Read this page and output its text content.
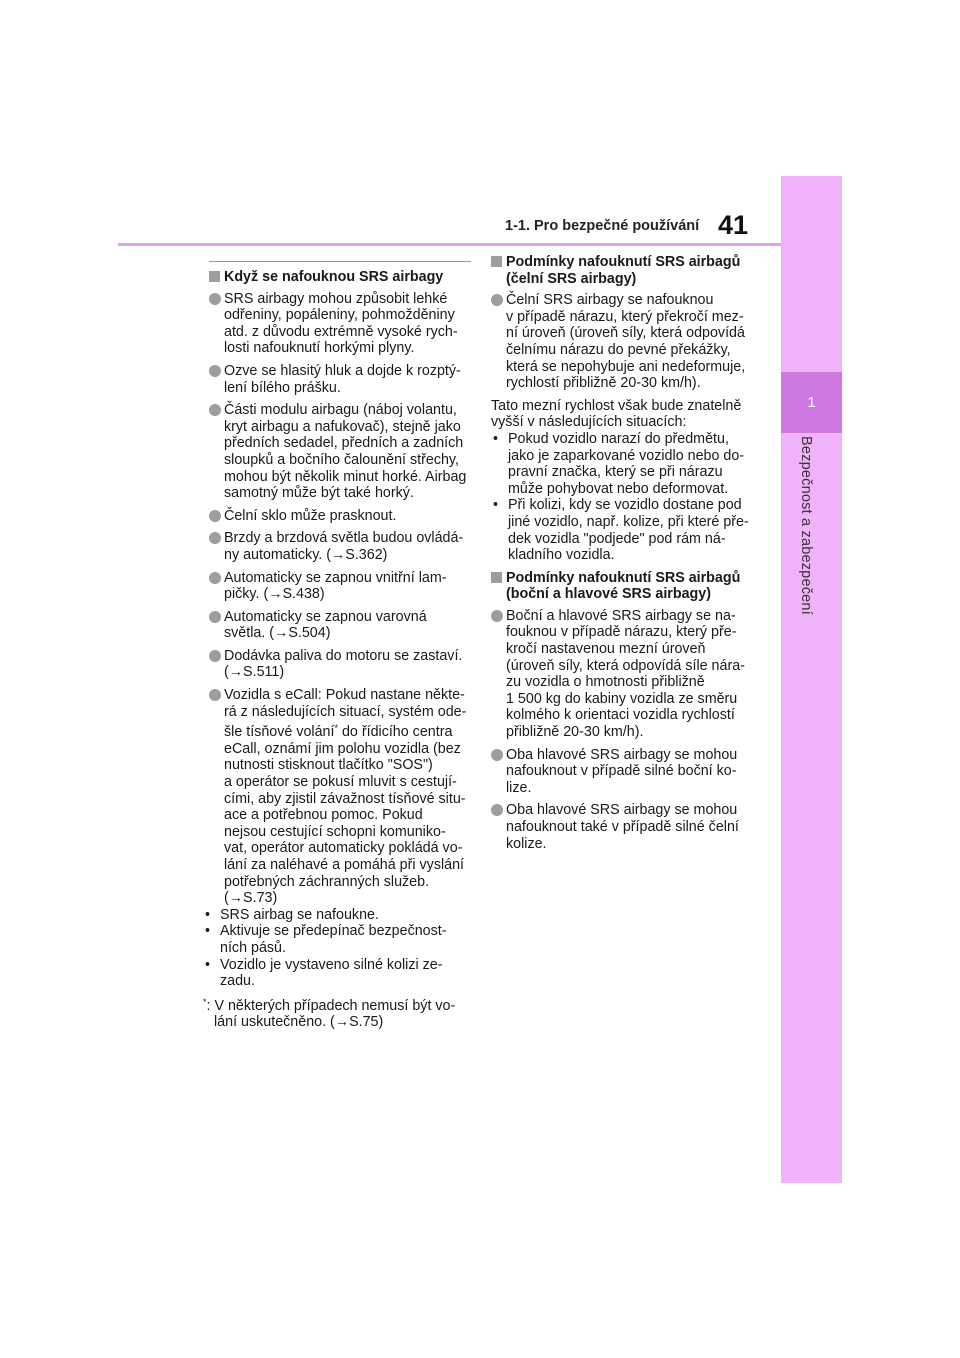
1-1. Pro bezpečné používání 41
1
Bezpečnost a zabezpečení
Když se nafouknou SRS airbagy
SRS airbagy mohou způsobit lehké
odřeniny, popáleniny, pohmožděniny
atd. z důvodu extrémně vysoké rych-
losti nafouknutí horkými plyny.
Ozve se hlasitý hluk a dojde k rozptý-
lení bílého prášku.
Části modulu airbagu (náboj volantu,
kryt airbagu a nafukovač), stejně jako
předních sedadel, předních a zadních
sloupků a bočního čalounění střechy,
mohou být několik minut horké. Airbag
samotný může být také horký.
Čelní sklo může prasknout.
Brzdy a brzdová světla budou ovládá-
ny automaticky. (→S.362)
Automaticky se zapnou vnitřní lam-
pičky. (→S.438)
Automaticky se zapnou varovná
světla. (→S.504)
Dodávka paliva do motoru se zastaví.
(→S.511)
Vozidla s eCall: Pokud nastane někte-
rá z následujících situací, systém ode-
šle tísňové volání* do řídicího centra
eCall, oznámí jim polohu vozidla (bez
nutnosti stisknout tlačítko "SOS")
a operátor se pokusí mluvit s cestují-
cími, aby zjistil závažnost tísňové situ-
ace a potřebnou pomoc. Pokud
nejsou cestující schopni komuniko-
vat, operátor automaticky pokládá vo-
lání za naléhavé a pomáhá při vyslání
potřebných záchranných služeb.
(→S.73)
• SRS airbag se nafoukne.
• Aktivuje se předepínač bezpečnost-
ních pásů.
• Vozidlo je vystaveno silné kolizi ze-
zadu.
*: V některých případech nemusí být vo-
lání uskutečněno. (→S.75)
Podmínky nafouknutí SRS airbagů (čelní SRS airbagy)
Čelní SRS airbagy se nafouknou
v případě nárazu, který překročí mez-
ní úroveň (úroveň síly, která odpovídá
čelnímu nárazu do pevné překážky,
která se nepohybuje ani nedeformuje,
rychlostí přibližně 20-30 km/h).
Tato mezní rychlost však bude znatelně
vyšší v následujících situacích:
• Pokud vozidlo narazí do předmětu,
jako je zaparkované vozidlo nebo do-
pravní značka, který se při nárazu
může pohybovat nebo deformovat.
• Při kolizi, kdy se vozidlo dostane pod
jiné vozidlo, např. kolize, při které pře-
dek vozidla "podjede" pod rám ná-
kladního vozidla.
Podmínky nafouknutí SRS airbagů (boční a hlavové SRS airbagy)
Boční a hlavové SRS airbagy se na-
fouknou v případě nárazu, který pře-
kročí nastavenou mezní úroveň
(úroveň síly, která odpovídá síle nára-
zu vozidla o hmotnosti přibližně
1 500 kg do kabiny vozidla ze směru
kolmého k orientaci vozidla rychlostí
přibližně 20-30 km/h).
Oba hlavové SRS airbagy se mohou
nafouknout v případě silné boční ko-
lize.
Oba hlavové SRS airbagy se mohou
nafouknout také v případě silné čelní
kolize.
